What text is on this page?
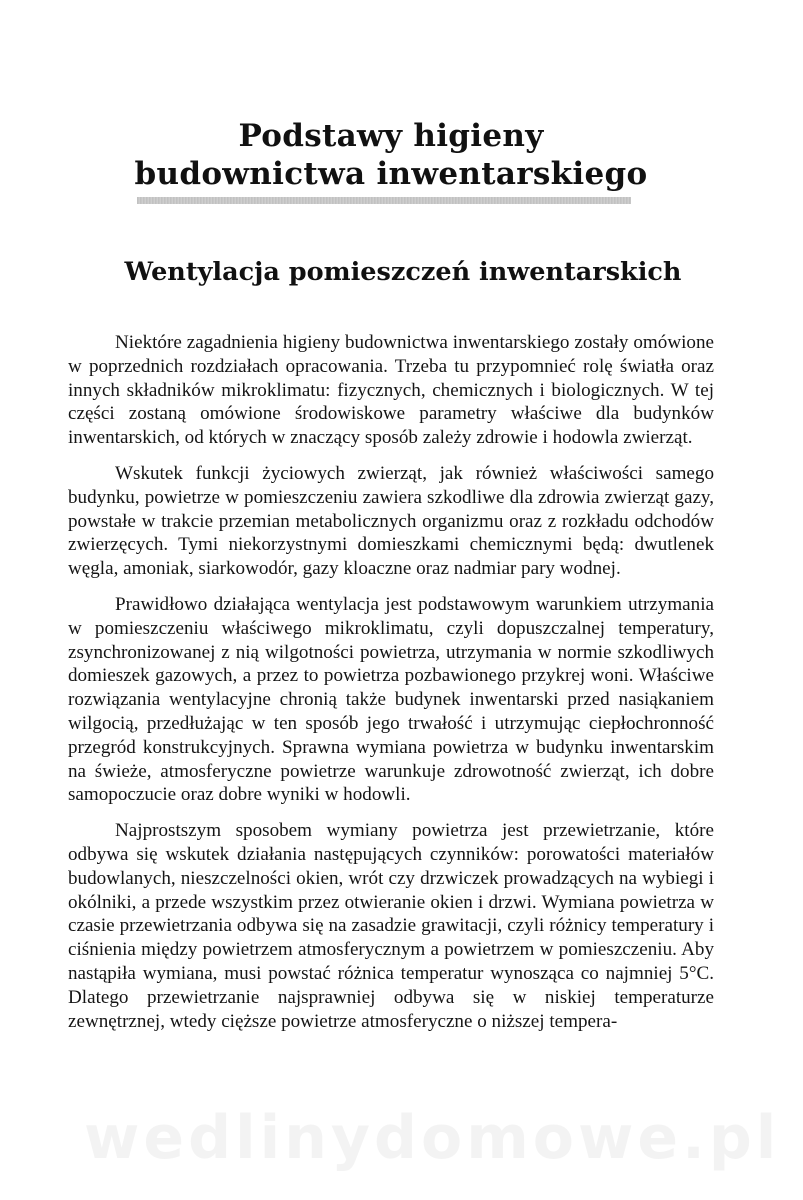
Podstawy higieny
budownictwa inwentarskiego
Wentylacja pomieszczeń inwentarskich

Niektóre zagadnienia higieny budownictwa inwentarskiego zostały omówione w poprzednich rozdziałach opracowania. Trzeba tu przypomnieć rolę światła oraz innych składników mikroklimatu: fizycznych, chemicznych i biologicznych. W tej części zostaną omówione środowiskowe parametry właściwe dla budynków inwentarskich, od których w znaczący sposób zależy zdrowie i hodowla zwierząt.

Wskutek funkcji życiowych zwierząt, jak również właściwości samego budynku, powietrze w pomieszczeniu zawiera szkodliwe dla zdrowia zwierząt gazy, powstałe w trakcie przemian metabolicznych organizmu oraz z rozkładu odchodów zwierzęcych. Tymi niekorzystnymi domieszkami chemicznymi będą: dwutlenek węgla, amoniak, siarkowodór, gazy kloaczne oraz nadmiar pary wodnej.

Prawidłowo działająca wentylacja jest podstawowym warunkiem utrzymania w pomieszczeniu właściwego mikroklimatu, czyli dopuszczalnej temperatury, zsynchronizowanej z nią wilgotności powietrza, utrzymania w normie szkodliwych domieszek gazowych, a przez to powietrza pozbawionego przykrej woni. Właściwe rozwiązania wentylacyjne chronią także budynek inwentarski przed nasiąkaniem wilgocią, przedłużając w ten sposób jego trwałość i utrzymując ciepłochronność przegród konstrukcyjnych. Sprawna wymiana powietrza w budynku inwentarskim na świeże, atmosferyczne powietrze warunkuje zdrowotność zwierząt, ich dobre samopoczucie oraz dobre wyniki w hodowli.

Najprostszym sposobem wymiany powietrza jest przewietrzanie, które odbywa się wskutek działania następujących czynników: porowatości materiałów budowlanych, nieszczelności okien, wrót czy drzwiczek prowadzących na wybiegi i okólniki, a przede wszystkim przez otwieranie okien i drzwi. Wymiana powietrza w czasie przewietrzania odbywa się na zasadzie grawitacji, czyli różnicy temperatury i ciśnienia między powietrzem atmosferycznym a powietrzem w pomieszczeniu. Aby nastąpiła wymiana, musi powstać różnica temperatur wynosząca co najmniej 5°C. Dlatego przewietrzanie najsprawniej odbywa się w niskiej temperaturze zewnętrznej, wtedy cięższe powietrze atmosferyczne o niższej tempera-

wedlinydomowe.pl
